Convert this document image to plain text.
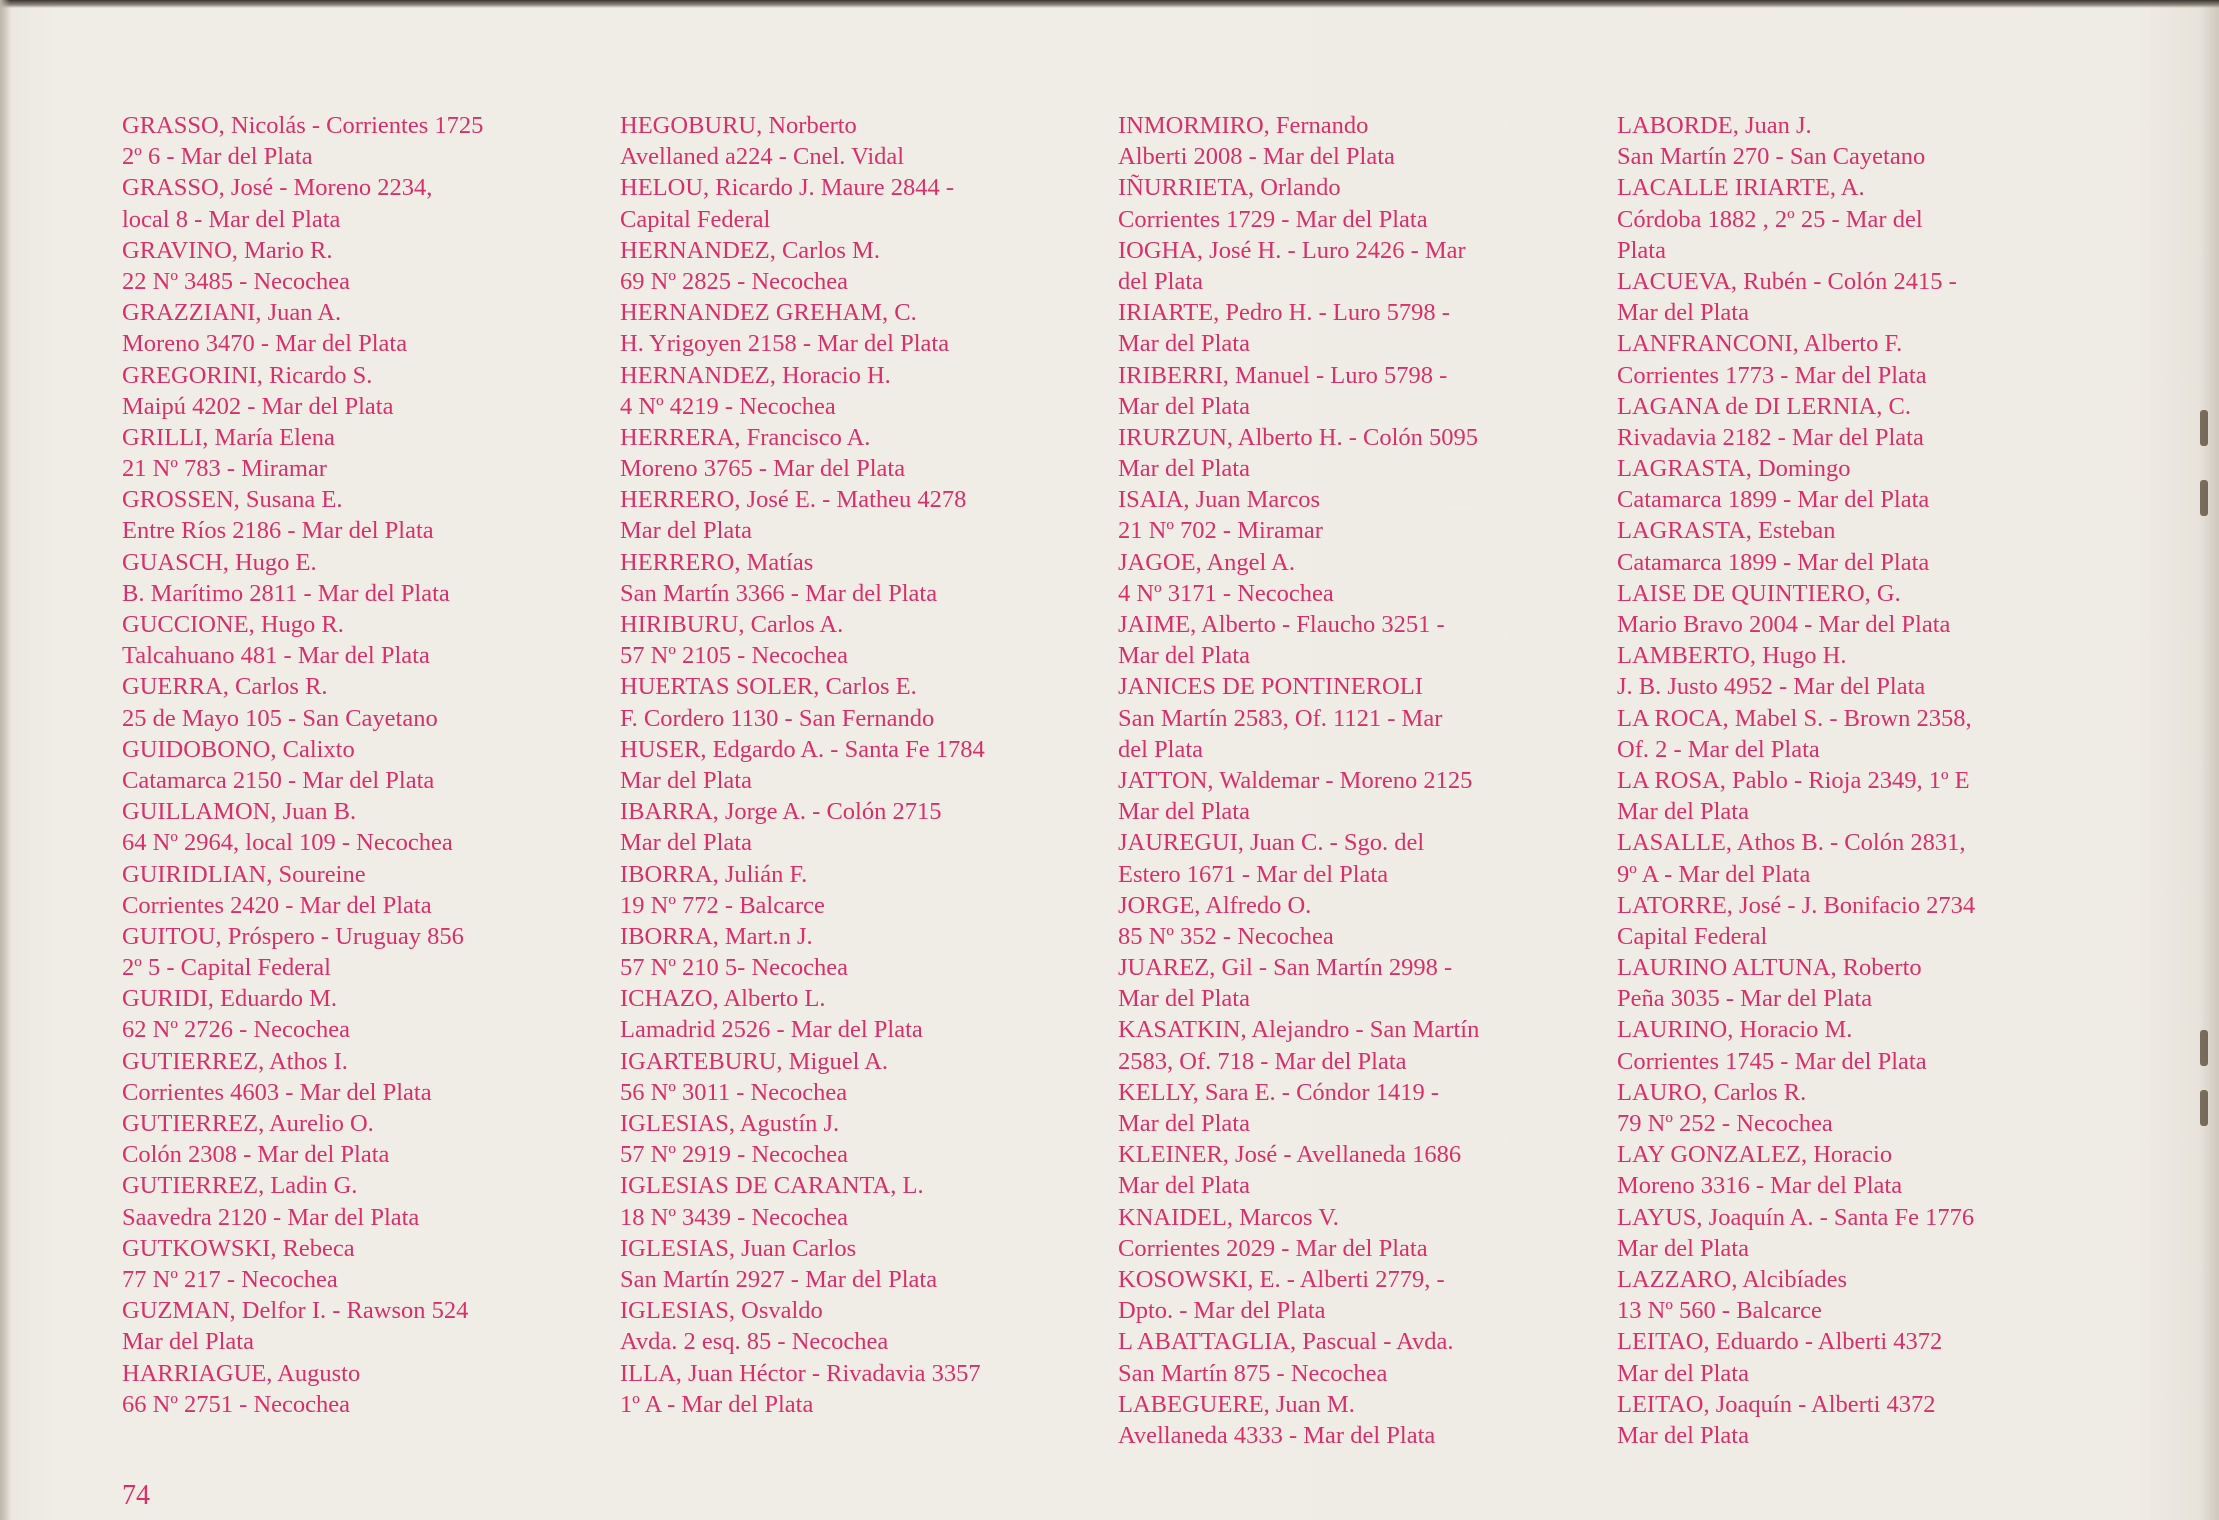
GRASSO, Nicolás - Corrientes 1725
2º 6 - Mar del Plata
GRASSO, José - Moreno 2234,
local 8 - Mar del Plata
GRAVINO, Mario R.
22 Nº 3485 - Necochea
GRAZZIANI, Juan A.
Moreno 3470 - Mar del Plata
GREGORINI, Ricardo S.
Maipú 4202 - Mar del Plata
GRILLI, María Elena
21 Nº 783 - Miramar
GROSSEN, Susana E.
Entre Ríos 2186 - Mar del Plata
GUASCH, Hugo E.
B. Marítimo 2811 - Mar del Plata
GUCCIONE, Hugo R.
Talcahuano 481 - Mar del Plata
GUERRA, Carlos R.
25 de Mayo 105 - San Cayetano
GUIDOBONO, Calixto
Catamarca 2150 - Mar del Plata
GUILLAMON, Juan B.
64 Nº 2964, local 109 - Necochea
GUIRIDLIAN, Soureine
Corrientes 2420 - Mar del Plata
GUITOU, Próspero - Uruguay 856
2º 5 - Capital Federal
GURIDI, Eduardo M.
62 Nº 2726 - Necochea
GUTIERREZ, Athos I.
Corrientes 4603 - Mar del Plata
GUTIERREZ, Aurelio O.
Colón 2308 - Mar del Plata
GUTIERREZ, Ladin G.
Saavedra 2120 - Mar del Plata
GUTKOWSKI, Rebeca
77 Nº 217 - Necochea
GUZMAN, Delfor I. - Rawson 524
Mar del Plata
HARRIAGUE, Augusto
66 Nº 2751 - Necochea
HEGOBURU, Norberto
Avellaned a224 - Cnel. Vidal
HELOU, Ricardo J. Maure 2844 -
Capital Federal
HERNANDEZ, Carlos M.
69 Nº 2825 - Necochea
HERNANDEZ GREHAM, C.
H. Yrigoyen 2158 - Mar del Plata
HERNANDEZ, Horacio H.
4 Nº 4219 - Necochea
HERRERA, Francisco A.
Moreno 3765 - Mar del Plata
HERRERO, José E. - Matheu 4278
Mar del Plata
HERRERO, Matías
San Martín 3366 - Mar del Plata
HIRIBURU, Carlos A.
57 Nº 2105 - Necochea
HUERTAS SOLER, Carlos E.
F. Cordero 1130 - San Fernando
HUSER, Edgardo A. - Santa Fe 1784
Mar del Plata
IBARRA, Jorge A. - Colón 2715
Mar del Plata
IBORRA, Julián F.
19 Nº 772 - Balcarce
IBORRA, Mart.n J.
57 Nº 210 5- Necochea
ICHAZO, Alberto L.
Lamadrid 2526 - Mar del Plata
IGARTEBURU, Miguel A.
56 Nº 3011 - Necochea
IGLESIAS, Agustín J.
57 Nº 2919 - Necochea
IGLESIAS DE CARANTA, L.
18 Nº 3439 - Necochea
IGLESIAS, Juan Carlos
San Martín 2927 - Mar del Plata
IGLESIAS, Osvaldo
Avda. 2 esq. 85 - Necochea
ILLA, Juan Héctor - Rivadavia 3357
1º A - Mar del Plata
INMORMIRO, Fernando
Alberti 2008 - Mar del Plata
IÑURRIETA, Orlando
Corrientes 1729 - Mar del Plata
IOGHA, José H. - Luro 2426 - Mar
del Plata
IRIARTE, Pedro H. - Luro 5798 -
Mar del Plata
IRIBERRI, Manuel - Luro 5798 -
Mar del Plata
IRURZUN, Alberto H. - Colón 5095
Mar del Plata
ISAIA, Juan Marcos
21 Nº 702 - Miramar
JAGOE, Angel A.
4 Nº 3171 - Necochea
JAIME, Alberto - Flaucho 3251 -
Mar del Plata
JANICES DE PONTINEROLI
San Martín 2583, Of. 1121 - Mar
del Plata
JATTON, Waldemar - Moreno 2125
Mar del Plata
JAUREGUI, Juan C. - Sgo. del
Estero 1671 - Mar del Plata
JORGE, Alfredo O.
85 Nº 352 - Necochea
JUAREZ, Gil - San Martín 2998 -
Mar del Plata
KASATKIN, Alejandro - San Martín
2583, Of. 718 - Mar del Plata
KELLY, Sara E. - Cóndor 1419 -
Mar del Plata
KLEINER, José - Avellaneda 1686
Mar del Plata
KNAIDEL, Marcos V.
Corrientes 2029 - Mar del Plata
KOSOWSKI, E. - Alberti 2779, -
Dpto. - Mar del Plata
L ABATTAGLIA, Pascual - Avda.
San Martín 875 - Necochea
LABEGUERE, Juan M.
Avellaneda 4333 - Mar del Plata
LABORDE, Juan J.
San Martín 270 - San Cayetano
LACALLE IRIARTE, A.
Córdoba 1882 , 2º 25 - Mar del
Plata
LACUEVA, Rubén - Colón 2415 -
Mar del Plata
LANFRANCONI, Alberto F.
Corrientes 1773 - Mar del Plata
LAGANA de DI LERNIA, C.
Rivadavia 2182 - Mar del Plata
LAGRASTA, Domingo
Catamarca 1899 - Mar del Plata
LAGRASTA, Esteban
Catamarca 1899 - Mar del Plata
LAISE DE QUINTIERO, G.
Mario Bravo 2004 - Mar del Plata
LAMBERTO, Hugo H.
J. B. Justo 4952 - Mar del Plata
LA ROCA, Mabel S. - Brown 2358,
Of. 2 - Mar del Plata
LA ROSA, Pablo - Rioja 2349, 1º E
Mar del Plata
LASALLE, Athos B. - Colón 2831,
9º A - Mar del Plata
LATORRE, José - J. Bonifacio 2734
Capital Federal
LAURINO ALTUNA, Roberto
Peña 3035 - Mar del Plata
LAURINO, Horacio M.
Corrientes 1745 - Mar del Plata
LAURO, Carlos R.
79 Nº 252 - Necochea
LAY GONZALEZ, Horacio
Moreno 3316 - Mar del Plata
LAYUS, Joaquín A. - Santa Fe 1776
Mar del Plata
LAZZARO, Alcibíades
13 Nº 560 - Balcarce
LEITAO, Eduardo - Alberti 4372
Mar del Plata
LEITAO, Joaquín - Alberti 4372
Mar del Plata
74
